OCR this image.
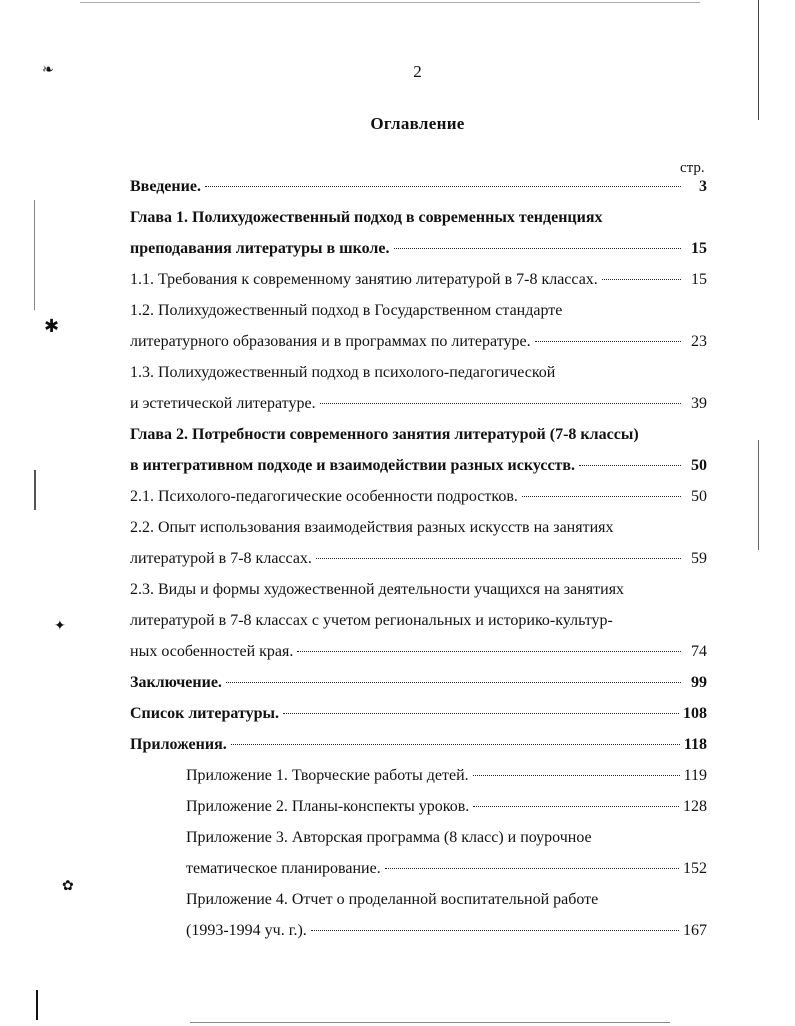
❧
✱
✦
✿
2
Оглавление
стр.
Введение.	3
Глава 1. Полихудожественный подход в современных тенденциях
преподавания литературы в школе.	15
1.1. Требования к современному занятию литературой в 7-8 классах.	15
1.2. Полихудожественный подход в Государственном стандарте
литературного образования и в программах по литературе.	23
1.3. Полихудожественный подход в психолого-педагогической
и эстетической литературе.	39
Глава 2. Потребности современного занятия литературой (7-8 классы)
в интегративном подходе и взаимодействии разных искусств.	50
2.1. Психолого-педагогические особенности подростков.	50
2.2. Опыт использования взаимодействия разных искусств на занятиях
литературой в 7-8 классах.	59
2.3. Виды и формы художественной деятельности учащихся на занятиях
литературой в 7-8 классах с учетом региональных и историко-культур-
ных особенностей края.	74
Заключение.	99
Список литературы.	108
Приложения.	118
Приложение 1. Творческие работы детей.	119
Приложение 2. Планы-конспекты уроков.	128
Приложение 3. Авторская программа (8 класс) и поурочное
тематическое планирование.	152
Приложение 4. Отчет о проделанной воспитательной работе
(1993-1994 уч. г.).	167
